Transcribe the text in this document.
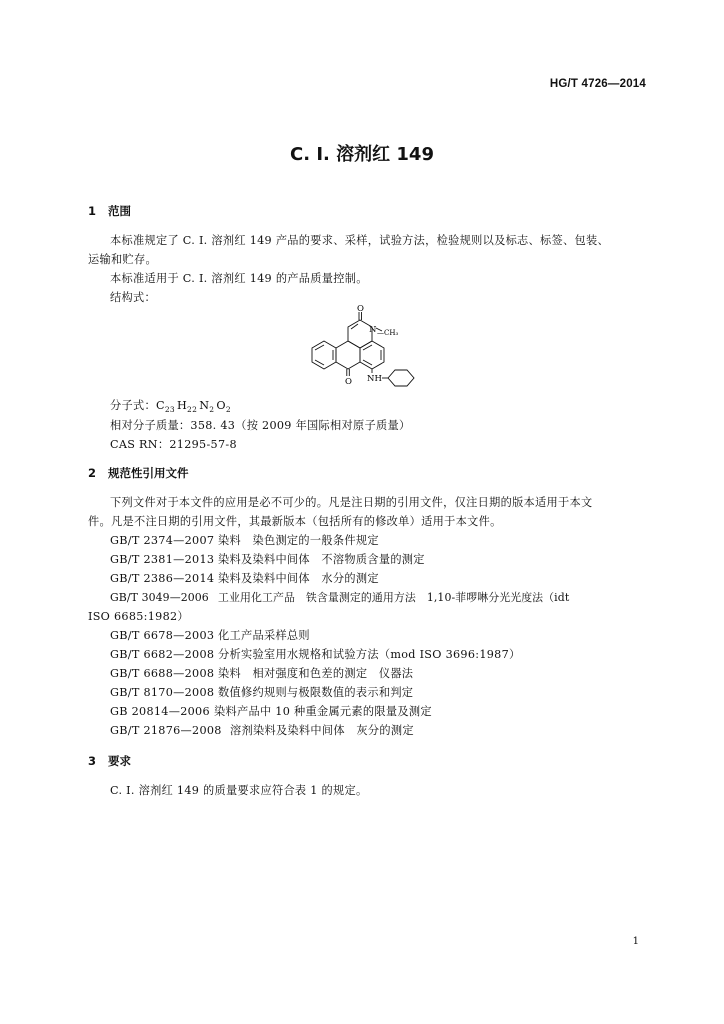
HG/T 4726—2014
C. I. 溶剂红 149
1 范围
本标准规定了 C. I. 溶剂红 149 产品的要求、采样，试验方法，检验规则以及标志、标签、包装、
运输和贮存。
本标准适用于 C. I. 溶剂红 149 的产品质量控制。
结构式：
O
N —CH₃
O NH
分子式：$C_{23}$ $H_{22}$ $N_2$ $O_2$
相对分子质量：358. 43（按 2009 年国际相对原子质量）
CAS RN：21295-57-8
2 规范性引用文件
下列文件对于本文件的应用是必不可少的。凡是注日期的引用文件，仅注日期的版本适用于本文
件。凡是不注日期的引用文件，其最新版本（包括所有的修改单）适用于本文件。
GB/T 2374—2007 染料　染色测定的一般条件规定
GB/T 2381—2013 染料及染料中间体　不溶物质含量的测定
GB/T 2386—2014 染料及染料中间体　水分的测定
GB/T 3049—2006 工业用化工产品　铁含量测定的通用方法　1,10-菲啰啉分光光度法（idt
ISO 6685:1982）
GB/T 6678—2003 化工产品采样总则
GB/T 6682—2008 分析实验室用水规格和试验方法（mod ISO 3696:1987）
GB/T 6688—2008 染料　相对强度和色差的测定　仪器法
GB/T 8170—2008 数值修约规则与极限数值的表示和判定
GB 20814—2006 染料产品中 10 种重金属元素的限量及测定
GB/T 21876—2008 溶剂染料及染料中间体　灰分的测定
3 要求
C. I. 溶剂红 149 的质量要求应符合表 1 的规定。
1
